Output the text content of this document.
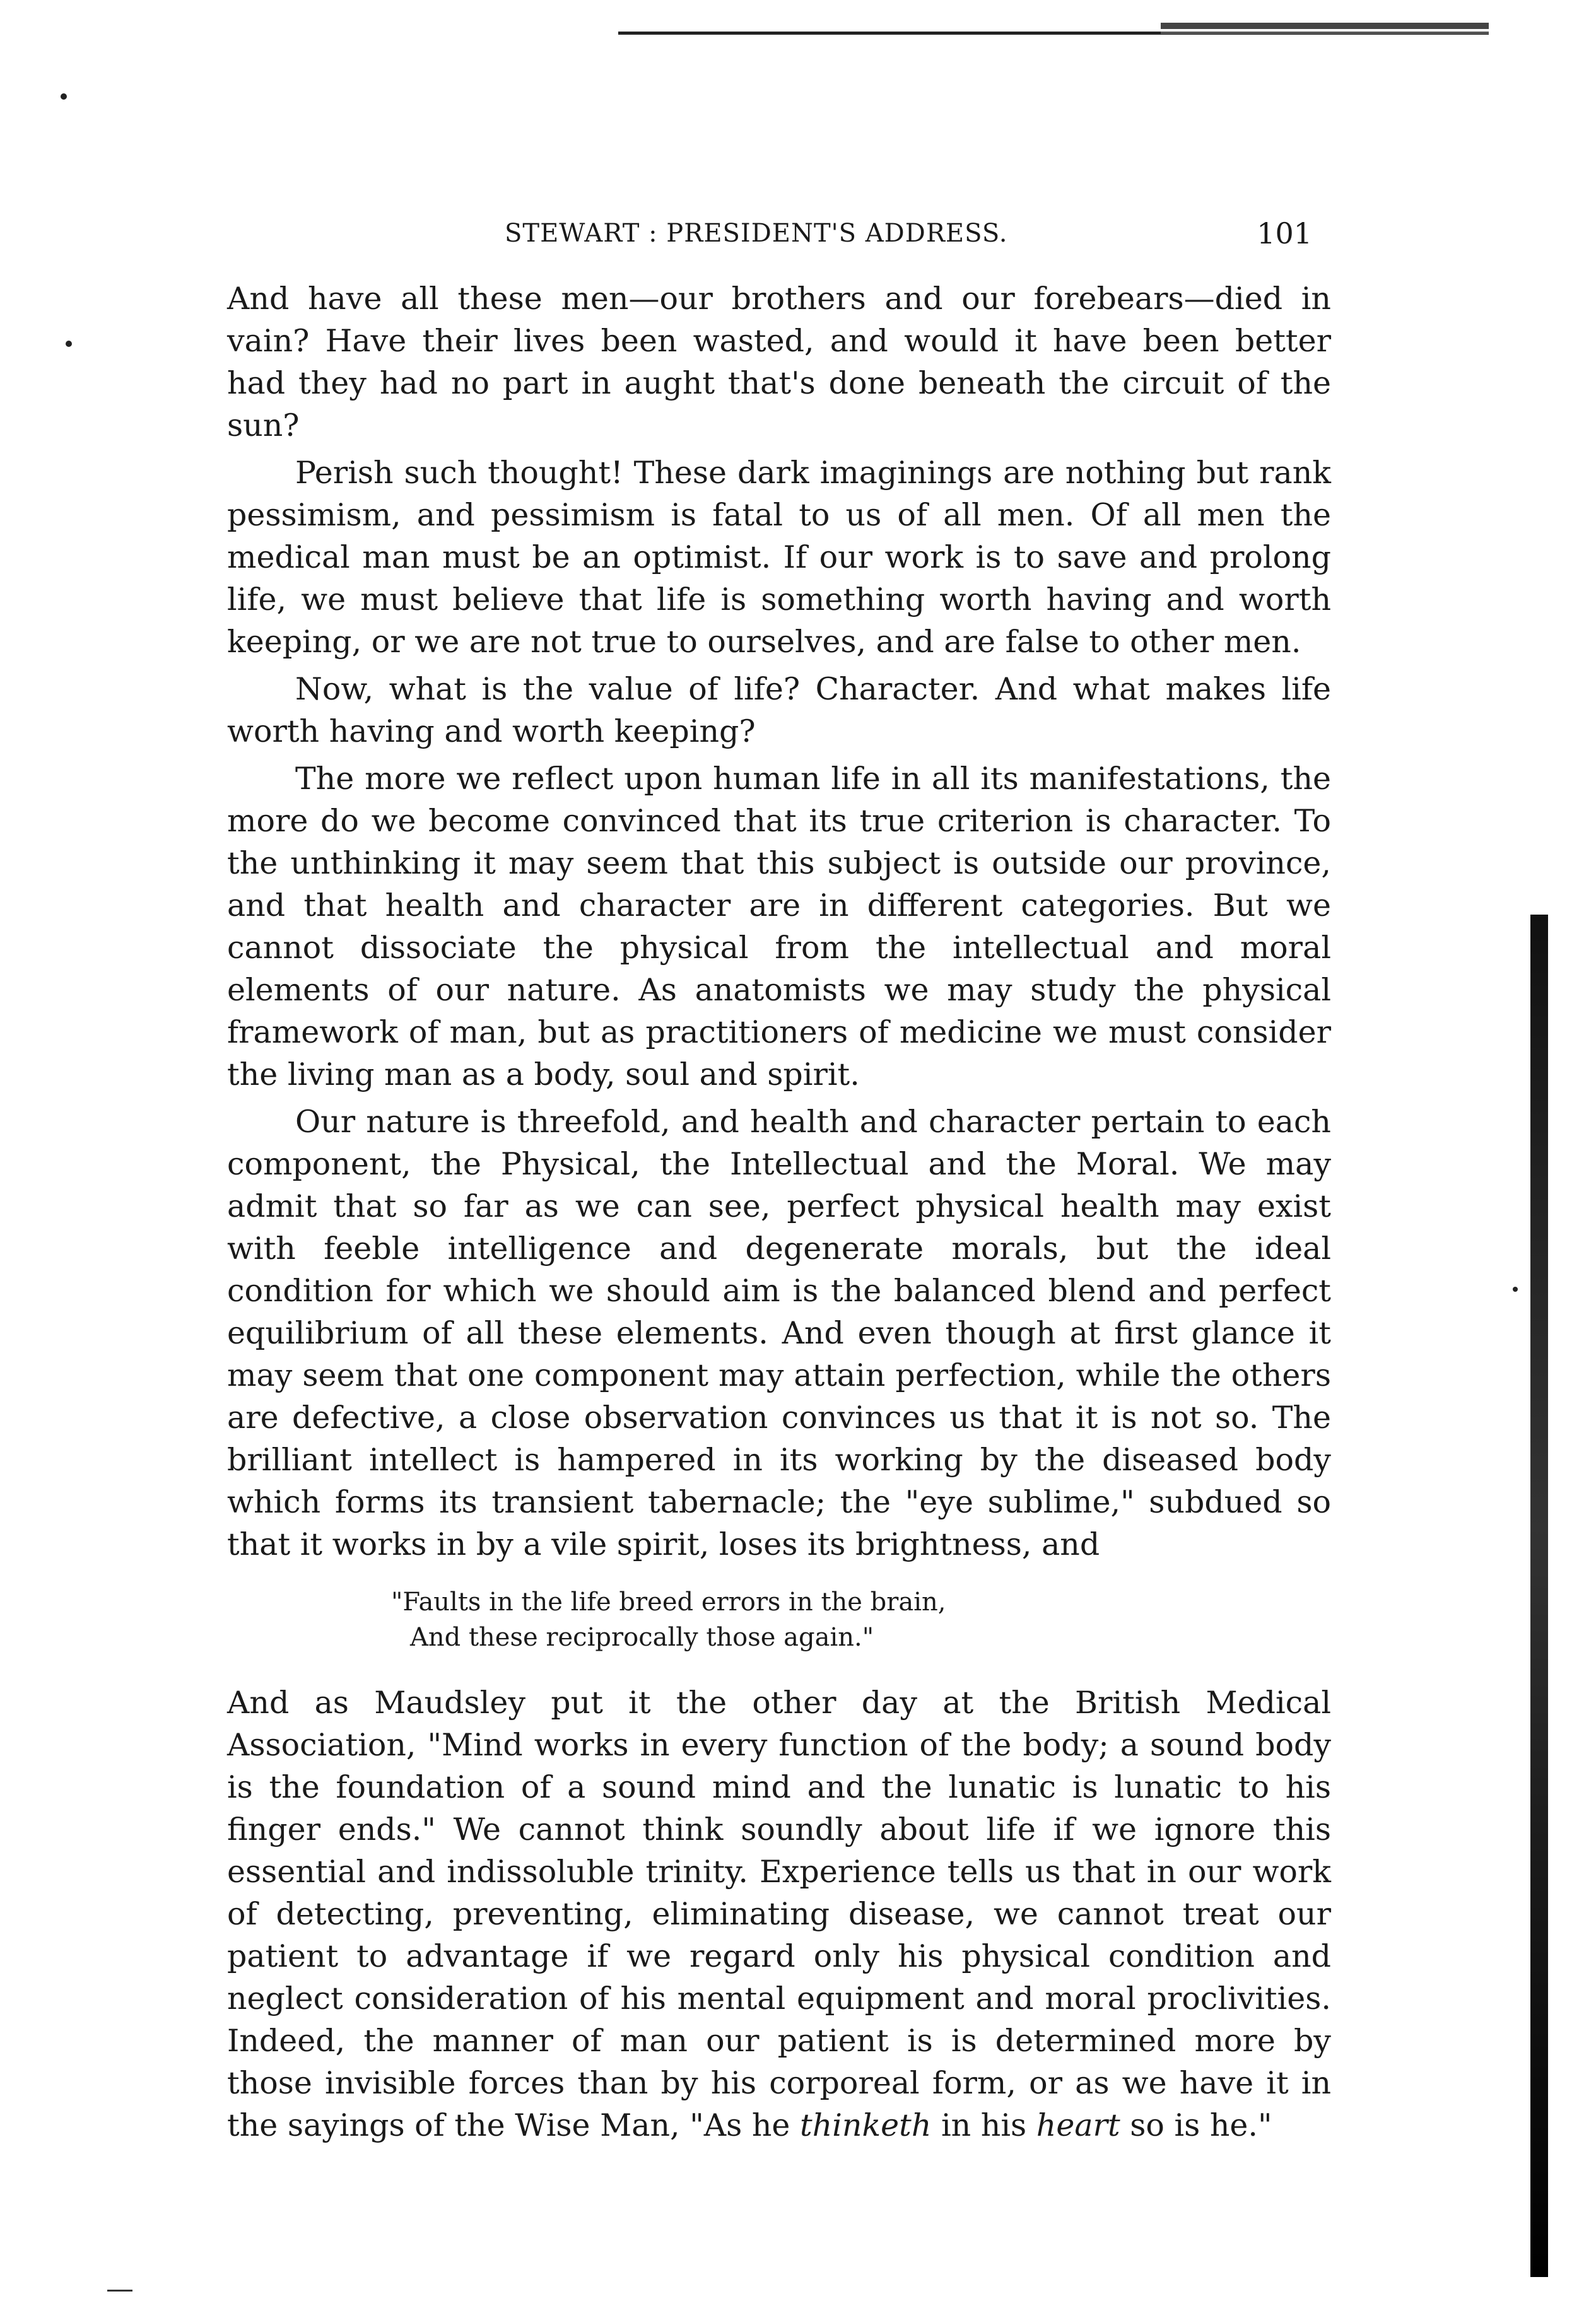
STEWART : PRESIDENT'S ADDRESS.	101

And have all these men—our brothers and our forebears—died in vain? Have their lives been wasted, and would it have been better had they had no part in aught that's done beneath the circuit of the sun?

Perish such thought! These dark imaginings are nothing but rank pessimism, and pessimism is fatal to us of all men. Of all men the medical man must be an optimist. If our work is to save and prolong life, we must believe that life is something worth having and worth keeping, or we are not true to ourselves, and are false to other men.

Now, what is the value of life? Character. And what makes life worth having and worth keeping?

The more we reflect upon human life in all its manifestations, the more do we become convinced that its true criterion is character. To the unthinking it may seem that this subject is outside our province, and that health and character are in different categories. But we cannot dissociate the physical from the intellectual and moral elements of our nature. As anatomists we may study the physical framework of man, but as practitioners of medicine we must consider the living man as a body, soul and spirit.

Our nature is threefold, and health and character pertain to each component, the Physical, the Intellectual and the Moral. We may admit that so far as we can see, perfect physical health may exist with feeble intelligence and degenerate morals, but the ideal condition for which we should aim is the balanced blend and perfect equilibrium of all these elements. And even though at first glance it may seem that one component may attain perfection, while the others are defective, a close observation convinces us that it is not so. The brilliant intellect is hampered in its working by the diseased body which forms its transient tabernacle; the "eye sublime," subdued so that it works in by a vile spirit, loses its brightness, and

"Faults in the life breed errors in the brain,
And these reciprocally those again."

And as Maudsley put it the other day at the British Medical Association, "Mind works in every function of the body; a sound body is the foundation of a sound mind and the lunatic is lunatic to his finger ends." We cannot think soundly about life if we ignore this essential and indissoluble trinity. Experience tells us that in our work of detecting, preventing, eliminating disease, we cannot treat our patient to advantage if we regard only his physical condition and neglect consideration of his mental equipment and moral proclivities. Indeed, the manner of man our patient is is determined more by those invisible forces than by his corporeal form, or as we have it in the sayings of the Wise Man, "As he thinketh in his heart so is he."
